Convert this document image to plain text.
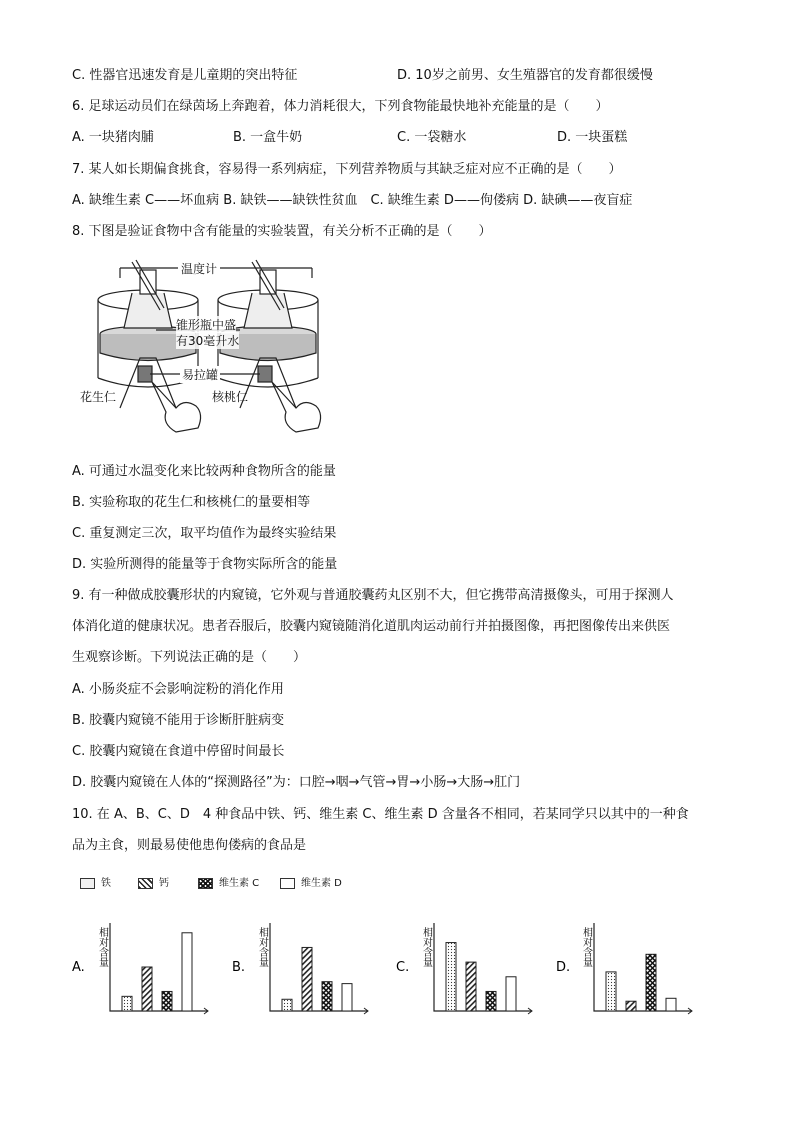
C. 性器官迅速发育是儿童期的突出特征	D. 10岁之前男、女生殖器官的发育都很缓慢
6. 足球运动员们在绿茵场上奔跑着，体力消耗很大，下列食物能最快地补充能量的是（　　）
A. 一块猪肉脯	B. 一盒牛奶	C. 一袋糖水	D. 一块蛋糕
7. 某人如长期偏食挑食，容易得一系列病症，下列营养物质与其缺乏症对应不正确的是（　　）
A. 缺维生素 C——坏血病 B. 缺铁——缺铁性贫血　C. 缺维生素 D——佝偻病 D. 缺碘——夜盲症
8. 下图是验证食物中含有能量的实验装置，有关分析不正确的是（　　）
温度计
锥形瓶中盛
有30毫升水
易拉罐
花生仁	核桃仁
A. 可通过水温变化来比较两种食物所含的能量
B. 实验称取的花生仁和核桃仁的量要相等
C. 重复测定三次，取平均值作为最终实验结果
D. 实验所测得的能量等于食物实际所含的能量
9. 有一种做成胶囊形状的内窥镜，它外观与普通胶囊药丸区别不大，但它携带高清摄像头，可用于探测人
体消化道的健康状况。患者吞服后，胶囊内窥镜随消化道肌肉运动前行并拍摄图像，再把图像传出来供医
生观察诊断。下列说法正确的是（　　）
A. 小肠炎症不会影响淀粉的消化作用
B. 胶囊内窥镜不能用于诊断肝脏病变
C. 胶囊内窥镜在食道中停留时间最长
D. 胶囊内窥镜在人体的“探测路径”为：口腔→咽→气管→胃→小肠→大肠→肛门
10. 在 A、B、C、D　4 种食品中铁、钙、维生素 C、维生素 D 含量各不相同，若某同学只以其中的一种食
品为主食，则最易使他患佝偻病的食品是
铁	钙	维生素 C	维生素 D
相对含量
A.
相对含量
B.
相对含量
C.
相对含量
D.
